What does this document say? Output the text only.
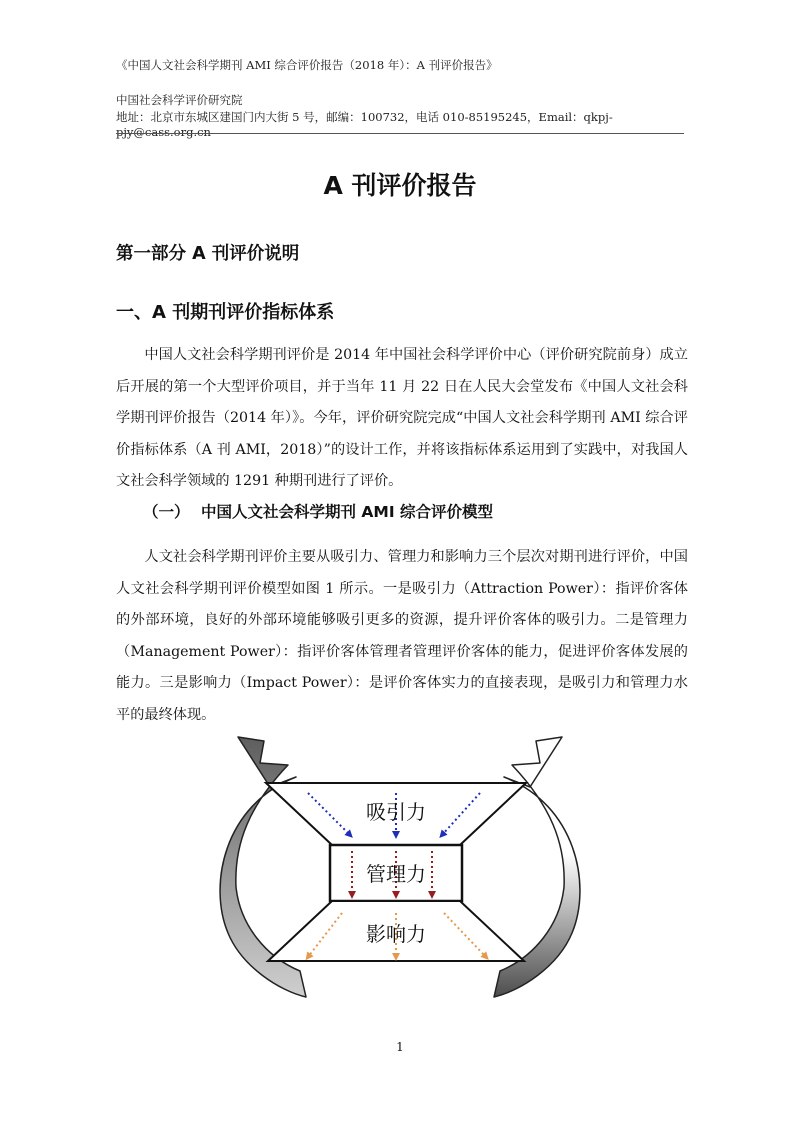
《中国人文社会科学期刊 AMI 综合评价报告（2018 年）：A 刊评价报告》
中国社会科学评价研究院
地址：北京市东城区建国门内大街 5 号，邮编：100732，电话 010-85195245，Email：qkpj-pjy@cass.org.cn
A 刊评价报告
第一部分 A 刊评价说明
一、A 刊期刊评价指标体系

中国人文社会科学期刊评价是 2014 年中国社会科学评价中心（评价研究院前身）成立后开展的第一个大型评价项目，并于当年 11 月 22 日在人民大会堂发布《中国人文社会科学期刊评价报告（2014 年）》。今年，评价研究院完成“中国人文社会科学期刊 AMI 综合评价指标体系（A 刊 AMI，2018）”的设计工作，并将该指标体系运用到了实践中，对我国人文社会科学领域的 1291 种期刊进行了评价。

（一） 中国人文社会科学期刊 AMI 综合评价模型

人文社会科学期刊评价主要从吸引力、管理力和影响力三个层次对期刊进行评价，中国人文社会科学期刊评价模型如图 1 所示。一是吸引力（Attraction Power）：指评价客体的外部环境，良好的外部环境能够吸引更多的资源，提升评价客体的吸引力。二是管理力（Management Power）：指评价客体管理者管理评价客体的能力，促进评价客体发展的能力。三是影响力（Impact Power）：是评价客体实力的直接表现，是吸引力和管理力水平的最终体现。

吸引力
管理力
影响力
1
